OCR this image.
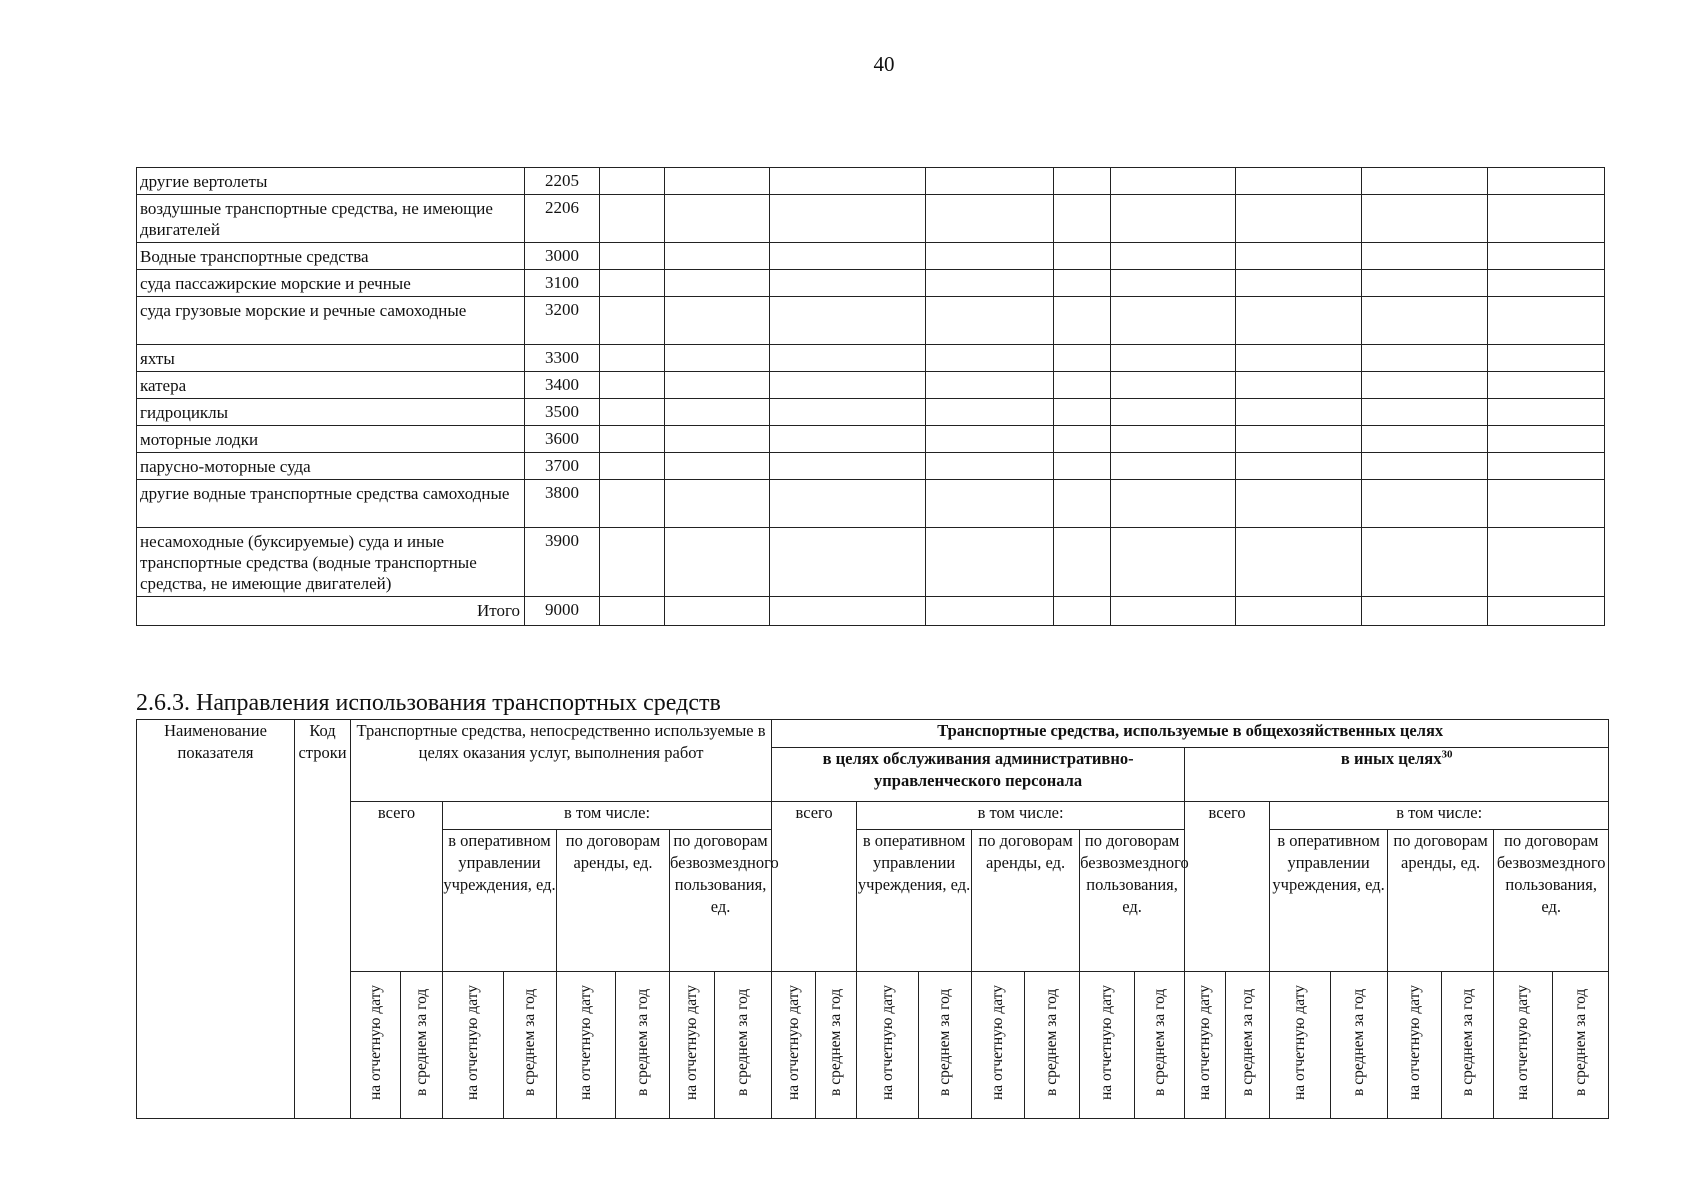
40
другие вертолеты	2205									
воздушные транспортные средства, не имеющие двигателей	2206									
Водные транспортные средства	3000									
суда пассажирские морские и речные	3100									
суда грузовые морские и речные самоходные	3200									
яхты	3300									
катера	3400									
гидроциклы	3500									
моторные лодки	3600									
парусно-моторные суда	3700									
другие водные транспортные средства самоходные	3800									
несамоходные (буксируемые) суда и иные транспортные средства (водные транспортные средства, не имеющие двигателей)	3900									
Итого	9000									
2.6.3. Направления использования транспортных средств
Наименование показателя	Код строки	Транспортные средства, непосредственно используемые в целях оказания услуг, выполнения работ								Транспортные средства, используемые в общехозяйственных целях															
										в целях обслуживания административно-управленческого персонала								в иных целях$^{30}$
		всего		в том числе:						всего		в том числе:						всего		в том числе:					
				в оперативном управлении учреждения, ед.		по договорам аренды, ед.		по договорам безвозмездного пользования, ед.				в оперативном управлении учреждения, ед.		по договорам аренды, ед.		по договорам безвозмездного пользования, ед.				в оперативном управлении учреждения, ед.		по договорам аренды, ед.		по договорам безвозмездного пользования, ед.	
		на отчетную дату	в среднем за год	на отчетную дату	в среднем за год	на отчетную дату	в среднем за год	на отчетную дату	в среднем за год	на отчетную дату	в среднем за год	на отчетную дату	в среднем за год	на отчетную дату	в среднем за год	на отчетную дату	в среднем за год	на отчетную дату	в среднем за год	на отчетную дату	в среднем за год	на отчетную дату	в среднем за год	на отчетную дату	в среднем за год
